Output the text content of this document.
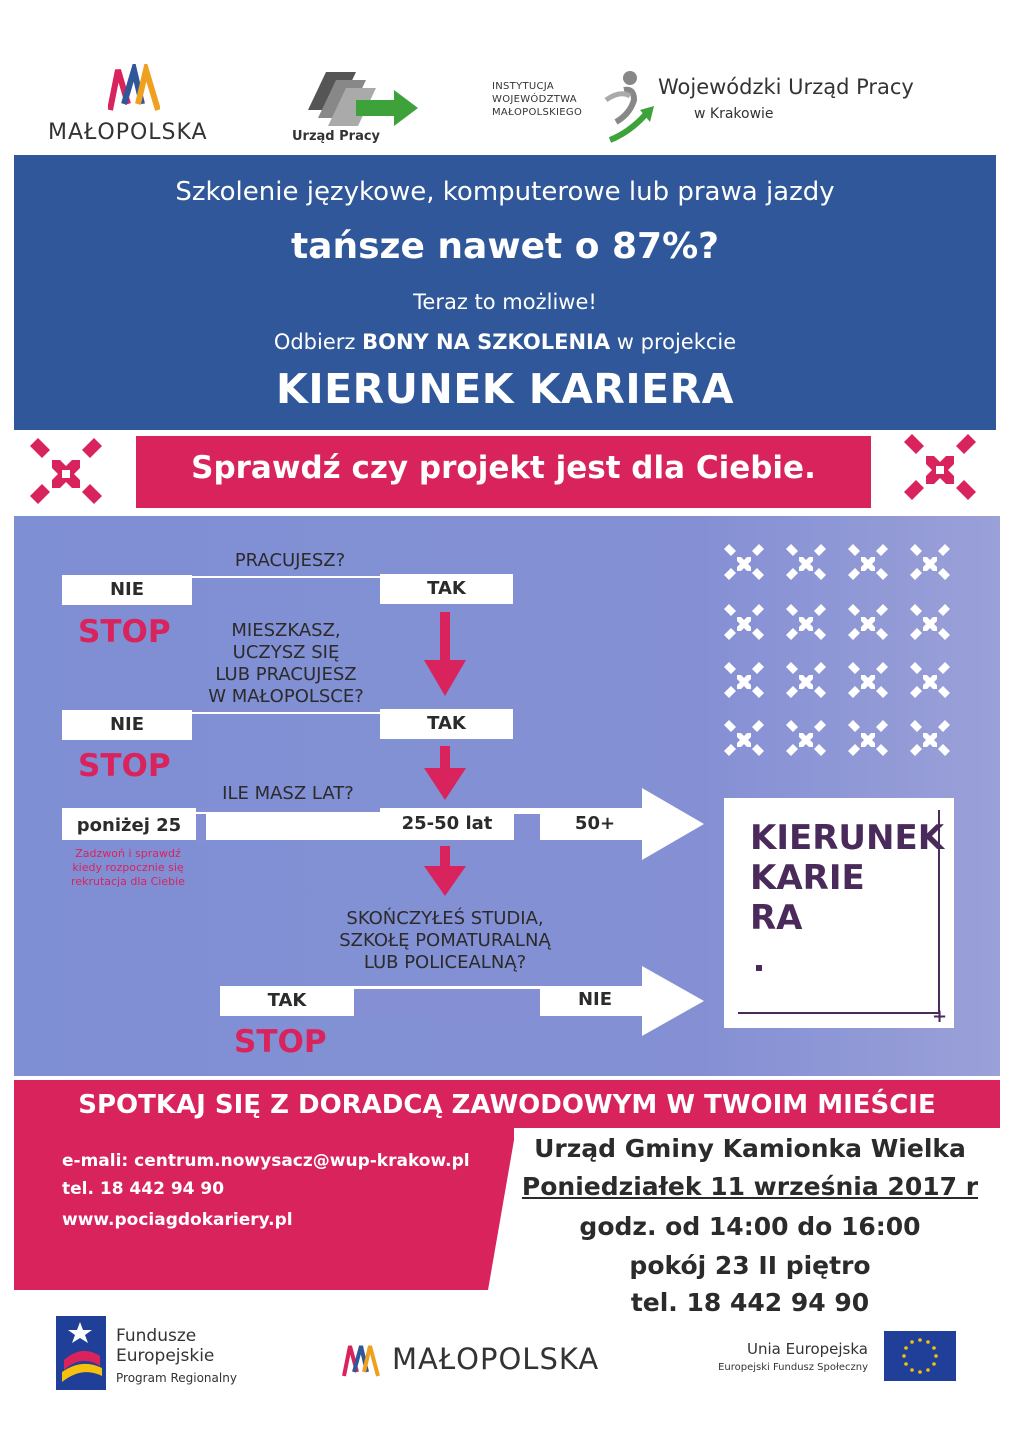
MAŁOPOLSKA	Urząd Pracy
INSTYTUCJA
WOJEWÓDZTWA
MAŁOPOLSKIEGO
Wojewódzki Urząd Pracy
w Krakowie
Szkolenie językowe, komputerowe lub prawa jazdy
tańsze nawet o 87%?
Teraz to możliwe!
Odbierz BONY NA SZKOLENIA w projekcie
KIERUNEK KARIERA
Sprawdź czy projekt jest dla Ciebie.
PRACUJESZ?
NIE	TAK
STOP	MIESZKASZ,
UCZYSZ SIĘ
LUB PRACUJESZ
W MAŁOPOLSCE?
NIE	TAK
STOP
ILE MASZ LAT?
poniżej 25	25-50 lat	50+
Zadzwoń i sprawdź
kiedy rozpocznie się
rekrutacja dla Ciebie
SKOŃCZYŁEŚ STUDIA,
SZKOŁĘ POMATURALNĄ
LUB POLICEALNĄ?
TAK	NIE
STOP
KIERUNEK
KARIE
RA
+
SPOTKAJ SIĘ Z DORADCĄ ZAWODOWYM W TWOIM MIEŚCIE
e-mali: centrum.nowysacz@wup-krakow.pl
tel. 18 442 94 90
www.pociagdokariery.pl
Urząd Gminy Kamionka Wielka
Poniedziałek 11 września 2017 r
godz. od 14:00 do 16:00
pokój 23 II piętro
tel. 18 442 94 90
Fundusze
Europejskie
Program Regionalny
MAŁOPOLSKA	Unia Europejska
Europejski Fundusz Społeczny
